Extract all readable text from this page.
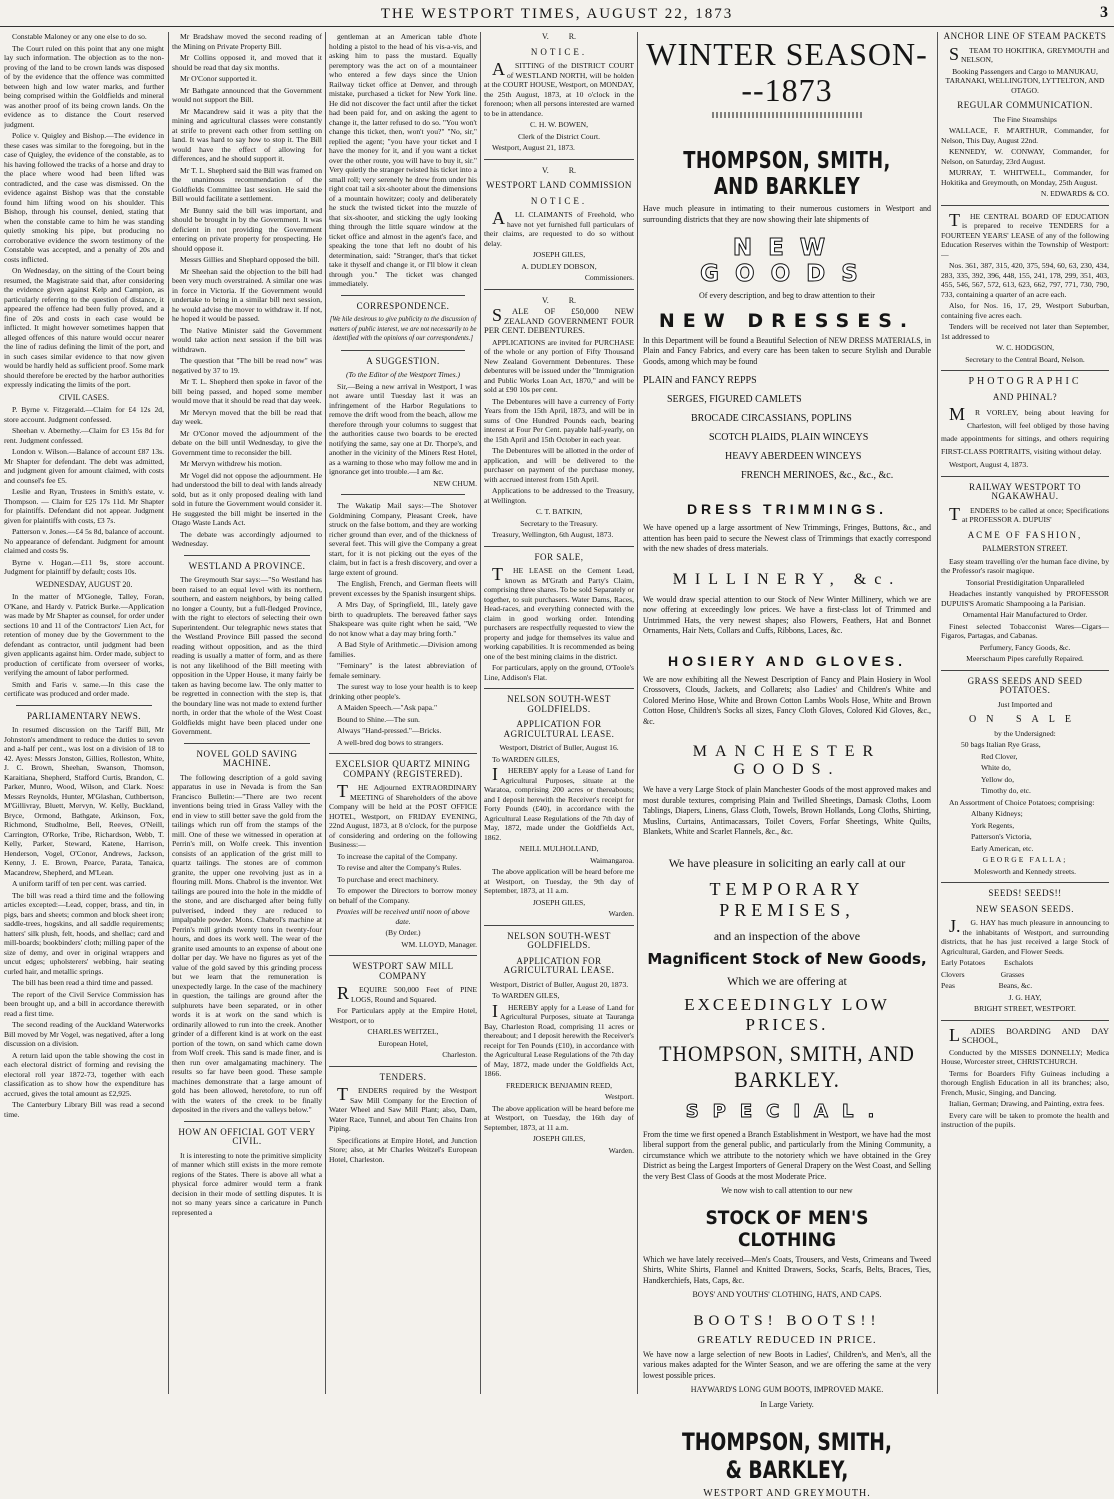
THE WESTPORT TIMES, AUGUST 22, 1873	3

Constable Maloney or any one else to do so.

The Court ruled on this point that any one might lay such information. The objection as to the non-proving of the land to be crown lands was disposed of by the evidence that the offence was committed between high and low water marks, and further being comprised within the Goldfields and mineral was another proof of its being crown lands. On the evidence as to distance the Court reserved judgment.

Police v. Quigley and Bishop.—The evidence in these cases was similar to the foregoing, but in the case of Quigley, the evidence of the constable, as to his having followed the tracks of a horse and dray to the place where wood had been lifted was contradicted, and the case was dismissed. On the evidence against Bishop was that the constable found him lifting wood on his shoulder. This Bishop, through his counsel, denied, stating that when the constable came to him he was standing quietly smoking his pipe, but producing no corroborative evidence the sworn testimony of the Constable was accepted, and a penalty of 20s and costs inflicted.

On Wednesday, on the sitting of the Court being resumed, the Magistrate said that, after considering the evidence given against Kelp and Campion, as particularly referring to the question of distance, it appeared the offence had been fully proved, and a fine of 20s and costs in each case would be inflicted. It might however sometimes happen that alleged offences of this nature would occur nearer the line of radius defining the limit of the port, and in such cases similar evidence to that now given would be hardly held as sufficient proof. Some mark should therefore be erected by the harbor authorities expressly indicating the limits of the port.

CIVIL CASES.

P. Byrne v. Fitzgerald.—Claim for £4 12s 2d, store account. Judgment confessed.

Sheehan v. Abernethy.—Claim for £3 15s 8d for rent. Judgment confessed.

London v. Wilson.—Balance of account £87 13s. Mr Shapter for defendant. The debt was admitted, and judgment given for amount claimed, with costs and counsel's fee £5.

Leslie and Ryan, Trustees in Smith's estate, v. Thompson. — Claim for £25 17s 11d. Mr Shapter for plaintiffs. Defendant did not appear. Judgment given for plaintiffs with costs, £3 7s.

Patterson v. Jones.—£4 5s 8d, balance of account. No appearance of defendant. Judgment for amount claimed and costs 9s.

Byrne v. Hogan.—£11 9s, store account. Judgment for plaintiff by default; costs 10s.

WEDNESDAY, AUGUST 20.

In the matter of M'Gonegle, Talley, Foran, O'Kane, and Hardy v. Patrick Burke.—Application was made by Mr Shapter as counsel, for order under sections 10 and 11 of the Contractors' Lien Act, for retention of money due by the Government to the defendant as contractor, until judgment had been given applicants against him. Order made, subject to production of certificate from overseer of works, verifying the amount of labor performed.

Smith and Faris v. same.—In this case the certificate was produced and order made.

PARLIAMENTARY NEWS.

In resumed discussion on the Tariff Bill, Mr Johnston's amendment to reduce the duties to seven and a-half per cent., was lost on a division of 18 to 42. Ayes: Messrs Jonston, Gillies, Rolleston, White, J. C. Brown, Sheehan, Swanson, Thomson, Karaitiana, Shepherd, Stafford Curtis, Brandon, C. Parker, Munro, Wood, Wilson, and Clark. Noes: Messrs Reynolds, Hunter, M'Glashan, Cuthbertson, M'Gillivray, Bluett, Mervyn, W. Kelly, Buckland, Bryce, Ormond, Bathgate, Atkinson, Fox, Richmond, Studholme, Bell, Reeves, O'Neill, Carrington, O'Rorke, Tribe, Richardson, Webb, T. Kelly, Parker, Steward, Katene, Harrison, Henderson, Vogel, O'Conor, Andrews, Jackson, Kenny, J. E. Brown, Pearce, Parata, Tanaica, Macandrew, Shepherd, and M'Lean.

A uniform tariff of ten per cent. was carried.

The bill was read a third time and the following articles excepted:—Lead, copper, brass, and tin, in pigs, bars and sheets; common and block sheet iron; saddle-trees, hogskins, and all saddle requirements; hatters' silk plush, felt, hoods, and shellac; card and mill-boards; bookbinders' cloth; milling paper of the size of demy, and over in original wrappers and uncut edges; upholsterers' webbing, hair seating curled hair, and metallic springs.

The bill has been read a third time and passed.

The report of the Civil Service Commission has been brought up, and a bill in accordance therewith read a first time.

The second reading of the Auckland Waterworks Bill moved by Mr Vogel, was negatived, after a long discussion on a division.

A return laid upon the table showing the cost in each electoral district of forming and revising the electoral roll year 1872-73, together with each classification as to show how the expenditure has accrued, gives the total amount as £2,925.

The Canterbury Library Bill was read a second time.

Mr Bradshaw moved the second reading of the Mining on Private Property Bill.

Mr Collins opposed it, and moved that it should be read that day six months.

Mr O'Conor supported it.

Mr Bathgate announced that the Government would not support the Bill.

Mr Macandrew said it was a pity that the mining and agricultural classes were constantly at strife to prevent each other from settling on land. It was hard to say how to stop it. The Bill would have the effect of allowing for differences, and he should support it.

Mr T. L. Shepherd said the Bill was framed on the unanimous recommendation of the Goldfields Committee last session. He said the Bill would facilitate a settlement.

Mr Bunny said the bill was important, and should be brought in by the Government. It was deficient in not providing the Government entering on private property for prospecting. He should oppose it.

Messrs Gillies and Shephard opposed the bill.

Mr Sheehan said the objection to the bill had been very much overstrained. A similar one was in force in Victoria. If the Government would undertake to bring in a similar bill next session, he would advise the mover to withdraw it. If not, he hoped it would be passed.

The Native Minister said the Government would take action next session if the bill was withdrawn.

The question that "The bill be read now" was negatived by 37 to 19.

Mr T. L. Shepherd then spoke in favor of the bill being passed, and hoped some member would move that it should be read that day week.

Mr Mervyn moved that the bill be read that day week.

Mr O'Conor moved the adjournment of the debate on the bill until Wednesday, to give the Government time to reconsider the bill.

Mr Mervyn withdrew his motion.

Mr Vogel did not oppose the adjournment. He had understood the bill to deal with lands already sold, but as it only proposed dealing with land sold in future the Government would consider it. He suggested the bill might be inserted in the Otago Waste Lands Act.

The debate was accordingly adjourned to Wednesday.

WESTLAND A PROVINCE.

The Greymouth Star says:—"So Westland has been raised to an equal level with its northern, southern, and eastern neighbors, by being called no longer a County, but a full-fledged Province, with the right to electors of selecting their own Superintendent. Our telegraphic news states that the Westland Province Bill passed the second reading without opposition, and as the third reading is usually a matter of form, and as there is not any likelihood of the Bill meeting with opposition in the Upper House, it many fairly be taken as having become law. The only matter to be regretted in connection with the step is, that the boundary line was not made to extend further north, in order that the whole of the West Coast Goldfields might have been placed under one Government.

NOVEL GOLD SAVING MACHINE.

The following description of a gold saving apparatus in use in Nevada is from the San Francisco Bulletin:—"There are two recent inventions being tried in Grass Valley with the end in view to still better save the gold from the tailings which run off from the stamps of the mill. One of these we witnessed in operation at Perrin's mill, on Wolfe creek. This invention consists of an application of the grist mill to quartz tailings. The stones are of common granite, the upper one revolving just as in a flouring mill. Mons. Chabrol is the inventor. Wet tailings are poured into the hole in the middle of the stone, and are discharged after being fully pulverised, indeed they are reduced to impalpable powder. Mons. Chabrol's machine at Perrin's mill grinds twenty tons in twenty-four hours, and does its work well. The wear of the granite used amounts to an expense of about one dollar per day. We have no figures as yet of the value of the gold saved by this grinding process but we learn that the remuneration is unexpectedly large. In the case of the machinery in question, the tailings are ground after the sulphurets have been separated, or in other words it is at work on the sand which is ordinarily allowed to run into the creek. Another grinder of a different kind is at work on the east portion of the town, on sand which came down from Wolf creek. This sand is made finer, and is then run over amalgamating machinery. The results so far have been good. These sample machines demonstrate that a large amount of gold has been allowed, heretofore, to run off with the waters of the creek to be finally deposited in the rivers and the valleys below."

HOW AN OFFICIAL GOT VERY CIVIL.

It is interesting to note the primitive simplicity of manner which still exists in the more remote regions of the States. There is above all what a physical force admirer would term a frank decision in their mode of settling disputes. It is not so many years since a caricature in Punch represented a

gentleman at an American table d'hote holding a pistol to the head of his vis-a-vis, and asking him to pass the mustard. Equally peremptory was the act on of a mountaineer who entered a few days since the Union Railway ticket office at Denver, and through mistake, purchased a ticket for New York line. He did not discover the fact until after the ticket had been paid for, and on asking the agent to change it, the latter refused to do so. "You won't change this ticket, then, won't you?" "No, sir," replied the agent; "you have your ticket and I have the money for it, and if you want a ticket over the other route, you will have to buy it, sir." Very quietly the stranger twisted his ticket into a small roll; very serenely he drew from under his right coat tail a six-shooter about the dimensions of a mountain howitzer; cooly and deliberately he stuck the twisted ticket into the muzzle of that six-shooter, and sticking the ugly looking thing through the little square window at the ticket office and almost in the agent's face, and speaking the tone that left no doubt of his determination, said: "Stranger, that's that ticket take it thyself and change it, or I'll blow it clean through you." The ticket was changed immediately.

CORRESPONDENCE.

[We hile desirous to give publicity to the discussion of matters of public interest, we are not necessarily to be identified with the opinions of our correspondents.]

A SUGGESTION.

(To the Editor of the Westport Times.)

Sir,—Being a new arrival in Westport, I was not aware until Tuesday last it was an infringement of the Harbor Regulations to remove the drift wood from the beach, allow me therefore through your columns to suggest that the authorities cause two boards to be erected notifying the same, say one at Dr. Thorpe's, and another in the vicinity of the Miners Rest Hotel, as a warning to those who may follow me and in ignorance get into trouble.—I am &c.

NEW CHUM.

The Wakatip Mail says:—The Shotover Goldmining Company, Pleasant Creek, have struck on the false bottom, and they are working richer ground than ever, and of the thickness of several feet. This will give the Company a great start, for it is not picking out the eyes of the claim, but in fact is a fresh discovery, and over a large extent of ground.

The English, French, and German fleets will prevent excesses by the Spanish insurgent ships.

A Mrs Day, of Springfield, Ill., lately gave birth to quadruplets. The bereaved father says Shakspeare was quite right when he said, "We do not know what a day may bring forth."

A Bad Style of Arithmetic.—Division among families.

"Feminary" is the latest abbreviation of female seminary.

The surest way to lose your health is to keep drinking other people's.

A Maiden Speech.—"Ask papa."

Bound to Shine.—The sun.

Always "Hand-pressed."—Bricks.

A well-bred dog bows to strangers.

EXCELSIOR QUARTZ MINING COMPANY (REGISTERED).

THE Adjourned EXTRAORDINARY MEETING of Shareholders of the above Company will be held at the POST OFFICE HOTEL, Westport, on FRIDAY EVENING, 22nd August, 1873, at 8 o'clock, for the purpose of considering and ordering on the following Business:—

To increase the capital of the Company.

To revise and alter the Company's Rules.

To purchase and erect machinery.

To empower the Directors to borrow money on behalf of the Company.

Proxies will be received until noon of above date.

(By Order.)

WM. LLOYD, Manager.

WESTPORT SAW MILL COMPANY

REQUIRE 500,000 Feet of PINE LOGS, Round and Squared.

For Particulars apply at the Empire Hotel, Westport, or to

CHARLES WEITZEL,

European Hotel,

Charleston.

TENDERS.

TENDERS required by the Westport Saw Mill Company for the Erection of Water Wheel and Saw Mill Plant; also, Dam, Water Race, Tunnel, and about Ten Chains Iron Piping.

Specifications at Empire Hotel, and Junction Store; also, at Mr Charles Weitzel's European Hotel, Charleston.

V.          R.
NOTICE.

ASITTING of the DISTRICT COURT of WESTLAND NORTH, will be holden at the COURT HOUSE, Westport, on MONDAY, the 25th August, 1873, at 10 o'clock in the forenoon; when all persons interested are warned to be in attendance.

C. H. W. BOWEN,

Clerk of the District Court.

Westport, August 21, 1873.

V.          R.
WESTPORT LAND COMMISSION
NOTICE.

ALL CLAIMANTS of Freehold, who have not yet furnished full particulars of their claims, are requested to do so without delay.

JOSEPH GILES,

A. DUDLEY DOBSON,

Commissioners.

V.          R.

SALE OF £50,000 NEW ZEALAND GOVERNMENT FOUR PER CENT. DEBENTURES.

APPLICATIONS are invited for PURCHASE of the whole or any portion of Fifty Thousand New Zealand Government Debentures. These debentures will be issued under the "Immigration and Public Works Loan Act, 1870," and will be sold at £90 10s per cent.

The Debentures will have a currency of Forty Years from the 15th April, 1873, and will be in sums of One Hundred Pounds each, bearing interest at Four Per Cent. payable half-yearly, on the 15th April and 15th October in each year.

The Debentures will be allotted in the order of application, and will be delivered to the purchaser on payment of the purchase money, with accrued interest from 15th April.

Applications to be addressed to the Treasury, at Wellington.

C. T. BATKIN,

Secretary to the Treasury.

Treasury, Wellington, 6th August, 1873.

FOR SALE,

THE LEASE on the Cement Lead, known as M'Grath and Party's Claim, comprising three shares. To be sold Separately or together, to suit purchasers. Water Dams, Races, Head-races, and everything connected with the claim in good working order. Intending purchasers are respectfully requested to view the property and judge for themselves its value and working capabilities. It is recommended as being one of the best mining claims in the district.

For particulars, apply on the ground, O'Toole's Line, Addison's Flat.

NELSON SOUTH-WEST GOLDFIELDS.
APPLICATION FOR AGRICULTURAL LEASE.

Westport, District of Buller, August 16.

To WARDEN GILES,

IHEREBY apply for a Lease of Land for Agricultural Purposes, situate at the Waratoa, comprising 200 acres or thereabouts; and I deposit herewith the Receiver's receipt for Forty Pounds (£40), in accordance with the Agricultural Lease Regulations of the 7th day of May, 1872, made under the Goldfields Act, 1862.

NEILL MULHOLLAND,

Waimangaroa.

The above application will be heard before me at Westport, on Tuesday, the 9th day of September, 1873, at 11 a.m.

JOSEPH GILES,

Warden.

NELSON SOUTH-WEST GOLDFIELDS.
APPLICATION FOR AGRICULTURAL LEASE.

Westport, District of Buller, August 20, 1873.

To WARDEN GILES,

IHEREBY apply for a Lease of Land for Agricultural Purposes, situate at Tauranga Bay, Charleston Road, comprising 11 acres or thereabout; and I deposit herewith the Receiver's receipt for Ten Pounds (£10), in accordance with the Agricultural Lease Regulations of the 7th day of May, 1872, made under the Goldfields Act, 1866.

FREDERICK BENJAMIN REED,

Westport.

The above application will be heard before me at Westport, on Tuesday, the 16th day of September, 1873, at 11 a.m.

JOSEPH GILES,

Warden.

WINTER SEASON---1873
THOMPSON, SMITH, AND BARKLEY
Have much pleasure in intimating to their numerous customers in Westport and surrounding districts that they are now showing their late shipments of
NEW GOODS
Of every description, and beg to draw attention to their
NEW DRESSES.
In this Department will be found a Beautiful Selection of NEW DRESS MATERIALS, in Plain and Fancy Fabrics, and every care has been taken to secure Stylish and Durable Goods, among which may be found
PLAIN and FANCY REPPS
SERGES, FIGURED CAMLETS
BROCADE CIRCASSIANS, POPLINS
SCOTCH PLAIDS, PLAIN WINCEYS
HEAVY ABERDEEN WINCEYS
FRENCH MERINOES, &c., &c., &c.
DRESS TRIMMINGS.
We have opened up a large assortment of New Trimmings, Fringes, Buttons, &c., and attention has been paid to secure the Newest class of Trimmings that exactly correspond with the new shades of dress materials.
MILLINERY, &c.
We would draw special attention to our Stock of New Winter Millinery, which we are now offering at exceedingly low prices. We have a first-class lot of Trimmed and Untrimmed Hats, the very newest shapes; also Flowers, Feathers, Hat and Bonnet Ornaments, Hair Nets, Collars and Cuffs, Ribbons, Laces, &c.
HOSIERY AND GLOVES.
We are now exhibiting all the Newest Description of Fancy and Plain Hosiery in Wool Crossovers, Clouds, Jackets, and Collarets; also Ladies' and Children's White and Colored Merino Hose, White and Brown Cotton Lambs Wools Hose, White and Brown Cotton Hose, Children's Socks all sizes, Fancy Cloth Gloves, Colored Kid Gloves, &c., &c.
MANCHESTER GOODS.
We have a very Large Stock of plain Manchester Goods of the most approved makes and most durable textures, comprising Plain and Twilled Sheetings, Damask Cloths, Loom Tablings, Diapers, Linens, Glass Cloth, Towels, Brown Hollands, Long Cloths, Shirting, Muslins, Curtains, Antimacassars, Toilet Covers, Forfar Sheetings, White Quilts, Blankets, White and Scarlet Flannels, &c., &c.
We have pleasure in soliciting an early call at our
TEMPORARY PREMISES,
and an inspection of the above
Magnificent Stock of New Goods,
Which we are offering at
EXCEEDINGLY LOW PRICES.
THOMPSON, SMITH, AND BARKLEY.
SPECIAL.
From the time we first opened a Branch Establishment in Westport, we have had the most liberal support from the general public, and particularly from the Mining Community, a circumstance which we attribute to the notoriety which we have obtained in the Grey District as being the Largest Importers of General Drapery on the West Coast, and Selling the very Best Class of Goods at the most Moderate Price.
We now wish to call attention to our new
STOCK OF MEN'S CLOTHING
Which we have lately received—Men's Coats, Trousers, and Vests, Crimeans and Tweed Shirts, White Shirts, Flannel and Knitted Drawers, Socks, Scarfs, Belts, Braces, Ties, Handkerchiefs, Hats, Caps, &c.
BOYS' AND YOUTHS' CLOTHING, HATS, AND CAPS.
BOOTS! BOOTS!!
GREATLY REDUCED IN PRICE.
We have now a large selection of new Boots in Ladies', Children's, and Men's, all the various makes adapted for the Winter Season, and we are offering the same at the very lowest possible prices.
HAYWARD'S LONG GUM BOOTS, IMPROVED MAKE.
In Large Variety.
THOMPSON, SMITH, & BARKLEY,
WESTPORT AND GREYMOUTH.
ANCHOR LINE OF STEAM PACKETS

STEAM TO HOKITIKA, GREYMOUTH and NELSON,

Booking Passengers and Cargo to MANUKAU, TARANAKI, WELLINGTON, LYTTELTON, AND OTAGO.

REGULAR COMMUNICATION.

The Fine Steamships

WALLACE, F. M'ARTHUR, Commander, for Nelson, This Day, August 22nd.

KENNEDY, W. CONWAY, Commander, for Nelson, on Saturday, 23rd August.

MURRAY, T. WHITWELL, Commander, for Hokitika and Greymouth, on Monday, 25th August.

N. EDWARDS & CO.

THE CENTRAL BOARD OF EDUCATION is prepared to receive TENDERS for a FOURTEEN YEARS' LEASE of any of the following Education Reserves within the Township of Westport:—

Nos. 361, 387, 315, 420, 375, 594, 60, 63, 230, 434, 283, 335, 392, 396, 448, 155, 241, 178, 299, 351, 403, 455, 546, 567, 572, 613, 623, 662, 797, 771, 730, 790, 733, containing a quarter of an acre each.

Also, for Nos. 16, 17, 29, Westport Suburban, containing five acres each.

Tenders will be received not later than September, 1st addressed to

W. C. HODGSON,

Secretary to the Central Board, Nelson.

PHOTOGRAPHIC
AND PHINAL?

MR VORLEY, being about leaving for Charleston, will feel obliged by those having made appointments for sittings, and others requiring FIRST-CLASS PORTRAITS, visiting without delay.

Westport, August 4, 1873.

RAILWAY WESTPORT TO NGAKAWHAU.

TENDERS to be called at once; Specifications at PROFESSOR A. DUPUIS'

ACME OF FASHION,
PALMERSTON STREET.

Easy steam travelling o'er the human face divine, by the Professor's rasoir magique.

Tonsorial Prestidigitation Unparalleled

Headaches instantly vanquished by PROFESSOR DUPUIS'S Aromatic Shampooing a la Parisian.

Ornamental Hair Manufactured to Order.

Finest selected Tobacconist Wares—Cigars—Figaros, Partagas, and Cabanas.

Perfumery, Fancy Goods, &c.

Meerschaum Pipes carefully Repaired.

GRASS SEEDS AND SEED POTATOES.

Just Imported and

ON SALE

by the Undersigned:

50 bags Italian Rye Grass,

Red Clover,

White do,

Yellow do,

Timothy do, etc.

An Assortment of Choice Potatoes; comprising:

Albany Kidneys;

York Regents,

Patterson's Victoria,

Early American, etc.

GEORGE FALLA;

Molesworth and Kennedy streets.

SEEDS! SEEDS!!
NEW SEASON SEEDS.

J.G. HAY has much pleasure in announcing to the inhabitants of Westport, and surrounding districts, that he has just received a large Stock of Agricultural, Garden, and Flower Seeds.

Early Potatoes          Eschalots

Clovers                   Grasses

Peas                       Beans, &c.

J. G. HAY,

BRIGHT STREET, WESTPORT.

LADIES BOARDING AND DAY SCHOOL,

Conducted by the MISSES DONNELLY; Medica House, Worcester street, CHRISTCHURCH.

Terms for Boarders Fifty Guineas including a thorough English Education in all its branches; also, French, Music, Singing, and Dancing.

Italian, German; Drawing, and Painting, extra fees.

Every care will be taken to promote the health and instruction of the pupils.
